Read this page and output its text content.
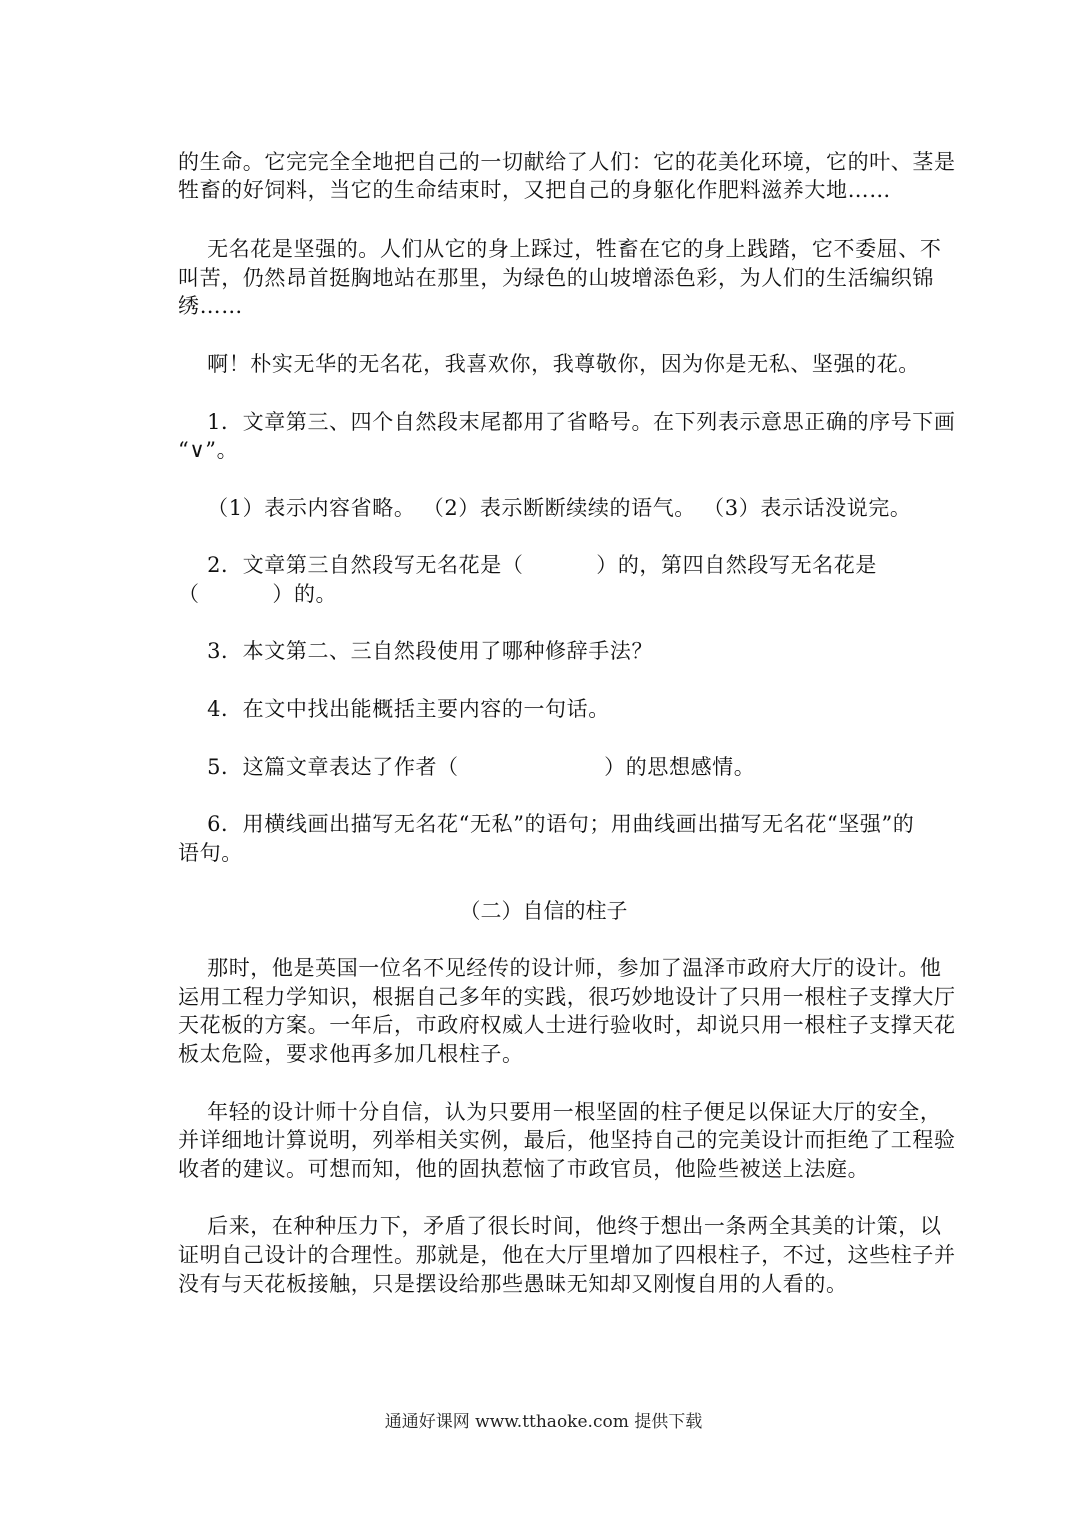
的生命。它完完全全地把自己的一切献给了人们：它的花美化环境，它的叶、茎是
牲畜的好饲料，当它的生命结束时，又把自己的身躯化作肥料滋养大地……
无名花是坚强的。人们从它的身上踩过，牲畜在它的身上践踏，它不委屈、不
叫苦，仍然昂首挺胸地站在那里，为绿色的山坡增添色彩，为人们的生活编织锦
绣……
啊！朴实无华的无名花，我喜欢你，我尊敬你，因为你是无私、坚强的花。
1．文章第三、四个自然段末尾都用了省略号。在下列表示意思正确的序号下画
“∨”。
（1）表示内容省略。 （2）表示断断续续的语气。 （3）表示话没说完。
2．文章第三自然段写无名花是（          ）的，第四自然段写无名花是
（          ）的。
3．本文第二、三自然段使用了哪种修辞手法？
4．在文中找出能概括主要内容的一句话。
5．这篇文章表达了作者（                    ）的思想感情。
6．用横线画出描写无名花“无私”的语句；用曲线画出描写无名花“坚强”的
语句。
（二）自信的柱子
那时，他是英国一位名不见经传的设计师，参加了温泽市政府大厅的设计。他
运用工程力学知识，根据自己多年的实践，很巧妙地设计了只用一根柱子支撑大厅
天花板的方案。一年后，市政府权威人士进行验收时，却说只用一根柱子支撑天花
板太危险，要求他再多加几根柱子。
年轻的设计师十分自信，认为只要用一根坚固的柱子便足以保证大厅的安全，
并详细地计算说明，列举相关实例，最后，他坚持自己的完美设计而拒绝了工程验
收者的建议。可想而知，他的固执惹恼了市政官员，他险些被送上法庭。
后来，在种种压力下，矛盾了很长时间，他终于想出一条两全其美的计策，以
证明自己设计的合理性。那就是，他在大厅里增加了四根柱子，不过，这些柱子并
没有与天花板接触，只是摆设给那些愚昧无知却又刚愎自用的人看的。
通通好课网 www.tthaoke.com 提供下载
